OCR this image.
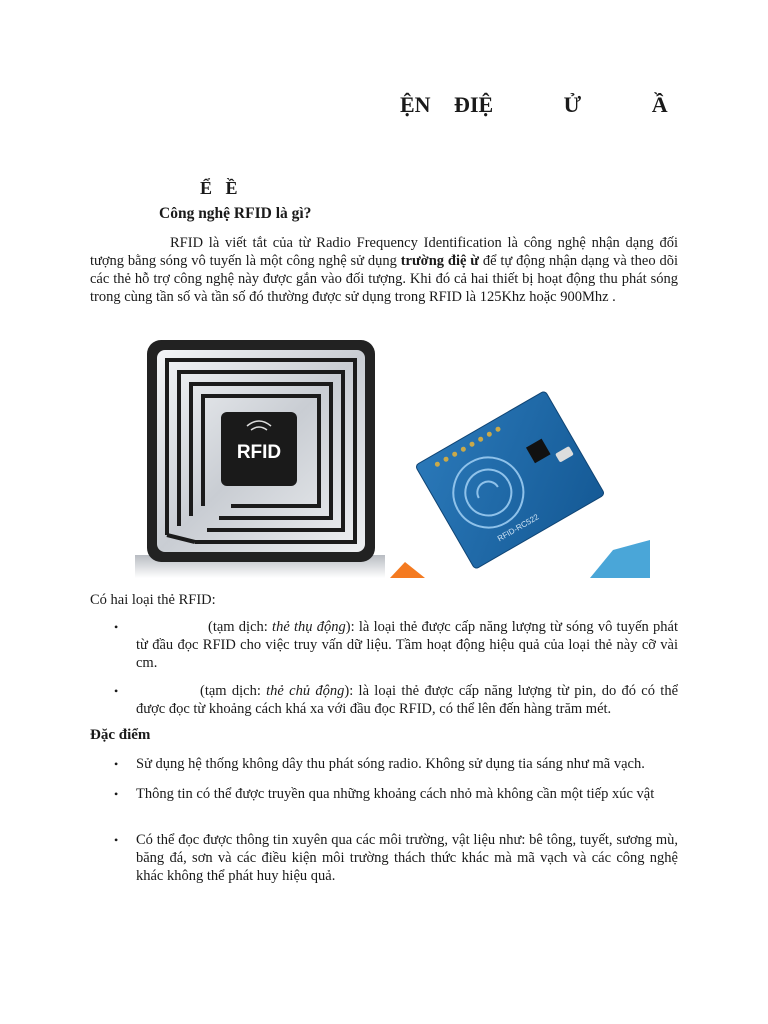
ỆN ĐIỆ   Ử   Ầ
Ể   Ề
Công nghệ RFID là gì?
RFID là viết tắt của từ Radio Frequency Identification là công nghệ nhận dạng đối tượng bằng sóng vô tuyến là một công nghệ sử dụng trường điệ ừ để tự động nhận dạng và theo dõi các thẻ hỗ trợ công nghệ này được gắn vào đối tượng. Khi đó cả hai thiết bị hoạt động thu phát sóng trong cùng tần số và tần số đó thường được sử dụng trong RFID là 125Khz hoặc 900Mhz .
RFID
RFID-RC522
Có hai loại thẻ RFID:
•	(tạm dịch: thẻ thụ động): là loại thẻ được cấp năng lượng từ sóng vô tuyến phát từ đầu đọc RFID cho việc truy vấn dữ liệu. Tầm hoạt động hiệu quả của loại thẻ này cỡ vài cm.
•	(tạm dịch: thẻ chủ động): là loại thẻ được cấp năng lượng từ pin, do đó có thể được đọc từ khoảng cách khá xa với đầu đọc RFID, có thể lên đến hàng trăm mét.
Đặc điểm
• Sử dụng hệ thống không dây thu phát sóng radio. Không sử dụng tia sáng như mã vạch.
• Thông tin có thể được truyền qua những khoảng cách nhỏ mà không cần một tiếp xúc vật
• Có thể đọc được thông tin xuyên qua các môi trường, vật liệu như: bê tông, tuyết, sương mù, băng đá, sơn và các điều kiện môi trường thách thức khác mà mã vạch và các công nghệ khác không thể phát huy hiệu quả.
